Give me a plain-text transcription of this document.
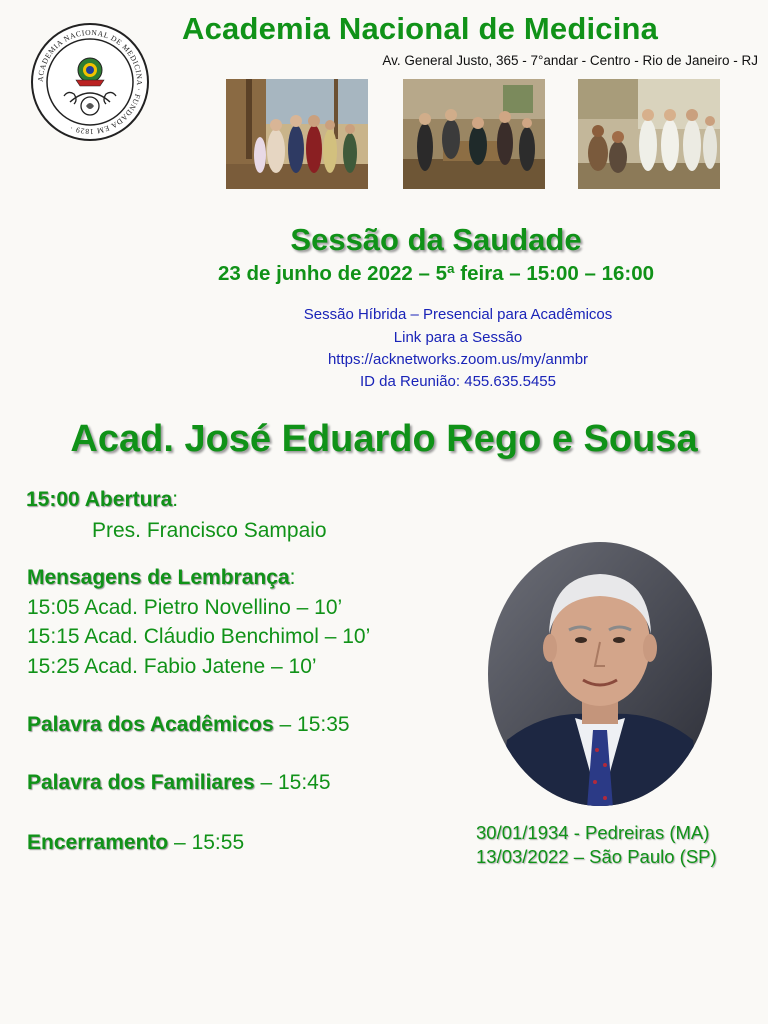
ACADEMIA NACIONAL DE MEDICINA · FUNDADA EM 1829 ·
Academia Nacional de Medicina
Av. General Justo, 365 - 7°andar - Centro - Rio de Janeiro - RJ
Sessão da Saudade
23 de junho de 2022 – 5ª feira – 15:00 – 16:00
Sessão Híbrida – Presencial para Acadêmicos
Link para a Sessão
https://acknetworks.zoom.us/my/anmbr
ID da Reunião: 455.635.5455
Acad. José Eduardo Rego e Sousa
15:00 Abertura:
Pres. Francisco Sampaio
Mensagens de Lembrança:
15:05 Acad. Pietro Novellino – 10’
15:15 Acad. Cláudio Benchimol – 10’
15:25 Acad. Fabio Jatene – 10’
Palavra dos Acadêmicos – 15:35
Palavra dos Familiares – 15:45
Encerramento – 15:55	30/01/1934 - Pedreiras (MA)
13/03/2022 – São Paulo (SP)
